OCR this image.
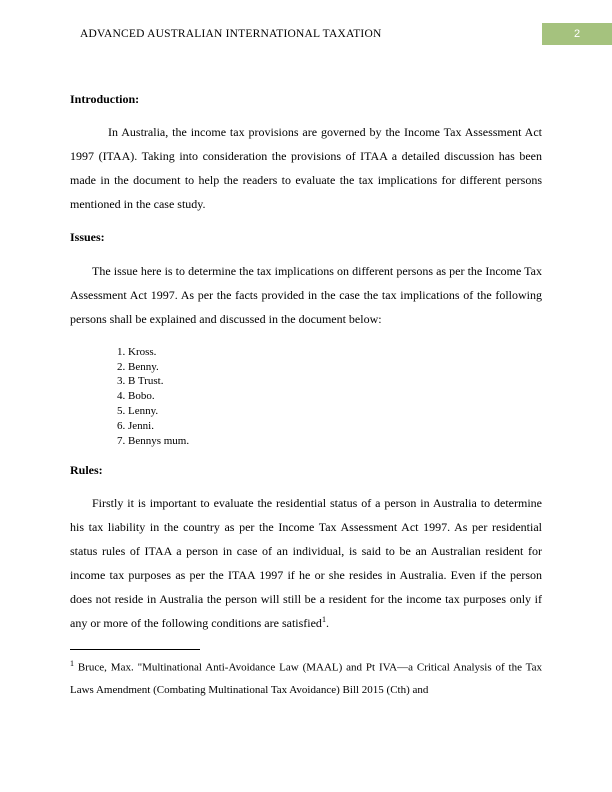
ADVANCED AUSTRALIAN INTERNATIONAL TAXATION	2

Introduction:

In Australia, the income tax provisions are governed by the Income Tax Assessment Act 1997 (ITAA). Taking into consideration the provisions of ITAA a detailed discussion has been made in the document to help the readers to evaluate the tax implications for different persons mentioned in the case study.

Issues:

The issue here is to determine the tax implications on different persons as per the Income Tax Assessment Act 1997. As per the facts provided in the case the tax implications of the following persons shall be explained and discussed in the document below:

1. Kross.
2. Benny.
3. B Trust.
4. Bobo.
5. Lenny.
6. Jenni.
7. Bennys mum.

Rules:

Firstly it is important to evaluate the residential status of a person in Australia to determine his tax liability in the country as per the Income Tax Assessment Act 1997. As per residential status rules of ITAA a person in case of an individual, is said to be an Australian resident for income tax purposes as per the ITAA 1997 if he or she resides in Australia. Even if the person does not reside in Australia the person will still be a resident for the income tax purposes only if any or more of the following conditions are satisfied$^1$.

$^1$ Bruce, Max. "Multinational Anti-Avoidance Law (MAAL) and Pt IVA—a Critical Analysis of the Tax Laws Amendment (Combating Multinational Tax Avoidance) Bill 2015 (Cth) and
